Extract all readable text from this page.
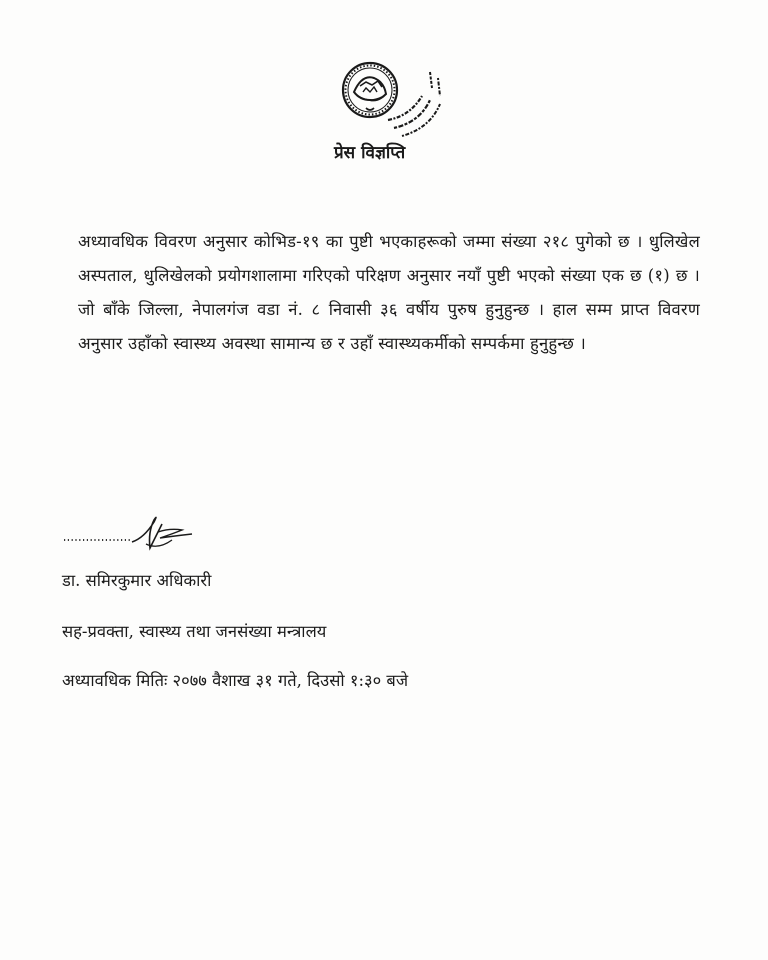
प्रेस विज्ञप्ति
अध्यावधिक विवरण अनुसार कोभिड-१९ का पुष्टी भएकाहरूको जम्मा संख्या २१८ पुगेको छ । धुलिखेल अस्पताल, धुलिखेलको प्रयोगशालामा गरिएको परिक्षण अनुसार नयाँ पुष्टी भएको संख्या एक छ (१) छ । जो बाँके जिल्ला, नेपालगंज वडा नं. ८ निवासी ३६ वर्षीय पुरुष हुनुहुन्छ । हाल सम्म प्राप्त विवरण अनुसार उहाँको स्वास्थ्य अवस्था सामान्य छ र उहाँ स्वास्थ्यकर्मीको सम्पर्कमा हुनुहुन्छ ।
डा. समिरकुमार अधिकारी
सह-प्रवक्ता, स्वास्थ्य तथा जनसंख्या मन्त्रालय
अध्यावधिक मितिः २०७७ वैशाख ३१ गते, दिउसो १:३० बजे
